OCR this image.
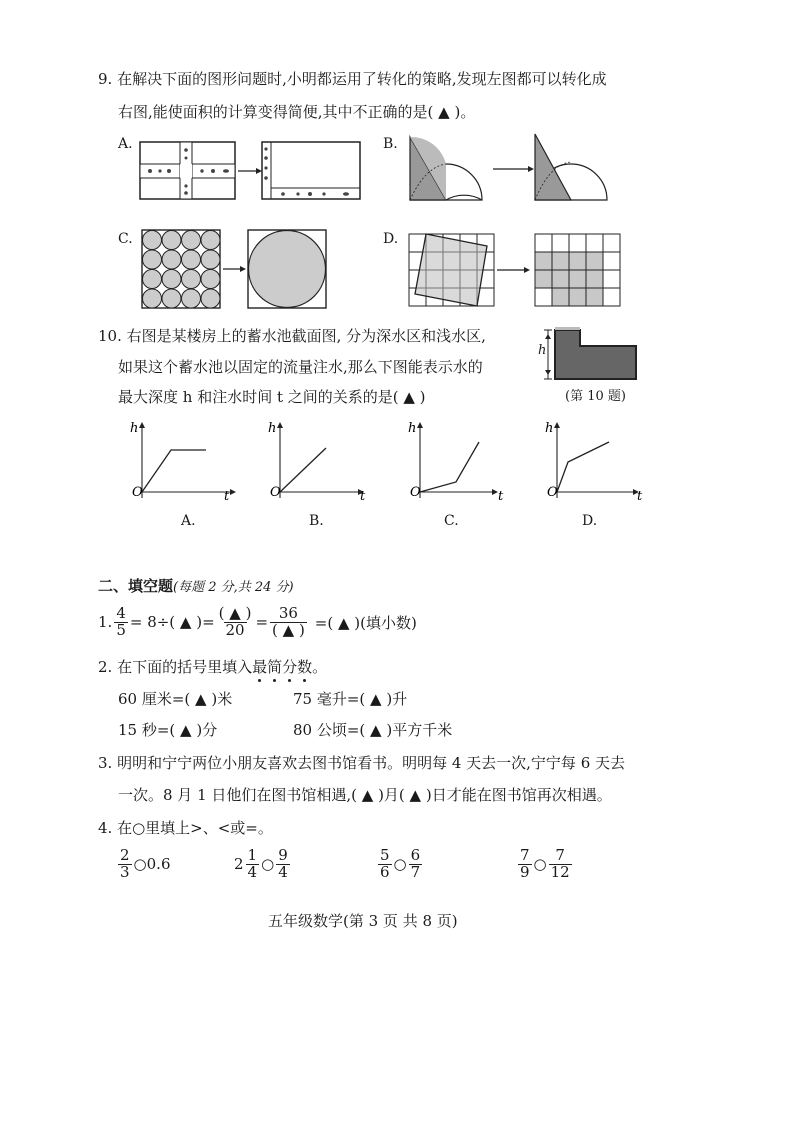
9. 在解决下面的图形问题时,小明都运用了转化的策略,发现左图都可以转化成
右图,能使面积的计算变得简便,其中不正确的是( ▲ )。
A.	B.
C.	D.
10. 右图是某楼房上的蓄水池截面图, 分为深水区和浅水区,
如果这个蓄水池以固定的流量注水,那么下图能表示水的
最大深度 h 和注水时间 t 之间的关系的是( ▲ )
h
(第 10 题)
h
O	t
h
O	t
h
O	t
h
O	t
A.	B.	C.	D.
二、填空题(每题 2 分,共 24 分)
1. $\frac{4}{5} = 8\div$( ▲ )= $\frac{( ▲ )}{20} = \frac{36}{( ▲ )}$ =( ▲ )(填小数)
2. 在下面的括号里填入最简分数
。
60 厘米=( ▲ )米	75 毫升=( ▲ )升
15 秒=( ▲ )分	80 公顷=( ▲ )平方千米
3. 明明和宁宁两位小朋友喜欢去图书馆看书。明明每 4 天去一次,宁宁每 6 天去
一次。8 月 1 日他们在图书馆相遇,( ▲ )月( ▲ )日才能在图书馆再次相遇。
4. 在○里填上>、<或=。
$\frac{2}{3}$ ○0.6	$2 \frac{1}{4}$ ○ $\frac{9}{4}$	$\frac{5}{6}$ ○ $\frac{6}{7}$	$\frac{7}{9}$ ○ $\frac{7}{12}$
五年级数学(第 3 页 共 8 页)
